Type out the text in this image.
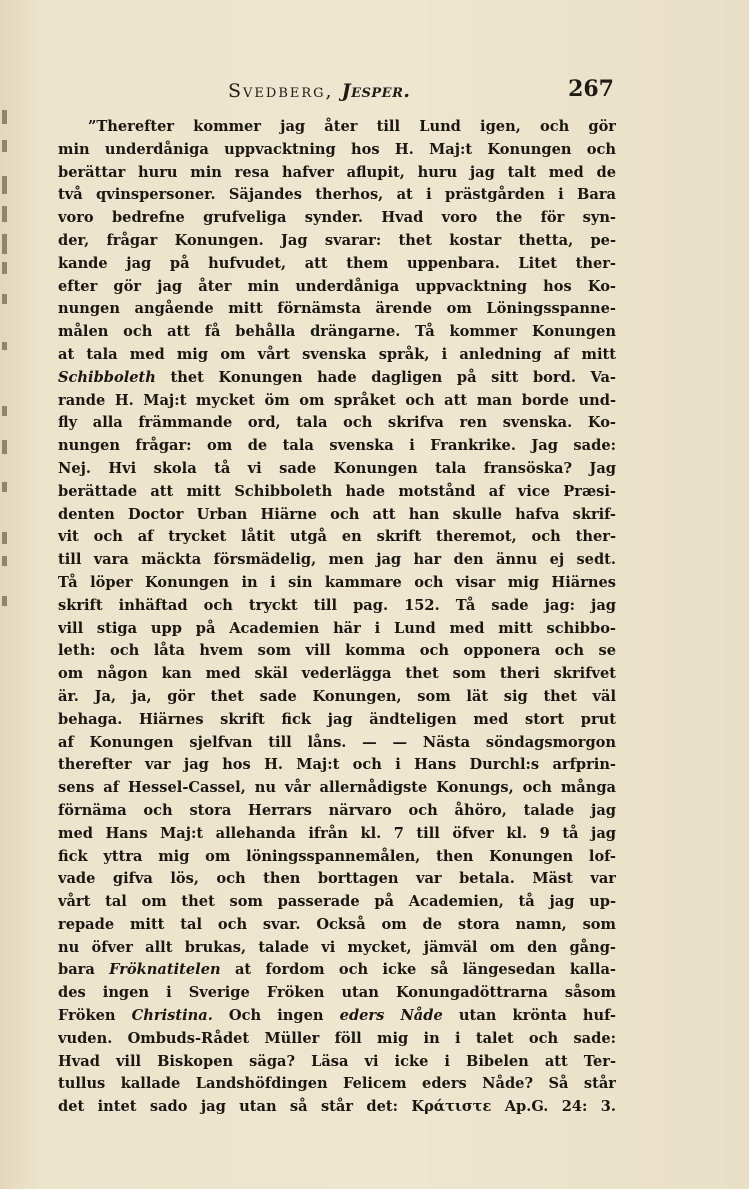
Svedberg, Jesper.	267
”Therefter kommer jag åter till Lund igen, och gör
min underdåniga uppvacktning hos H. Maj:t Konungen och
berättar huru min resa hafver aflupit, huru jag talt med de
två qvinspersoner. Säjandes therhos, at i prästgården i Bara
voro bedrefne grufveliga synder. Hvad voro the för syn-
der, frågar Konungen. Jag svarar: thet kostar thetta, pe-
kande jag på hufvudet, att them uppenbara. Litet ther-
efter gör jag åter min underdåniga uppvacktning hos Ko-
nungen angående mitt förnämsta ärende om Löningsspanne-
målen och att få behålla drängarne. Tå kommer Konungen
at tala med mig om vårt svenska språk, i anledning af mitt
Schibboleth thet Konungen hade dagligen på sitt bord. Va-
rande H. Maj:t mycket öm om språket och att man borde und-
fly alla främmande ord, tala och skrifva ren svenska. Ko-
nungen frågar: om de tala svenska i Frankrike. Jag sade:
Nej. Hvi skola tå vi sade Konungen tala fransöska? Jag
berättade att mitt Schibboleth hade motstånd af vice Præsi-
denten Doctor Urban Hiärne och att han skulle hafva skrif-
vit och af trycket låtit utgå en skrift theremot, och ther-
till vara mäckta försmädelig, men jag har den ännu ej sedt.
Tå löper Konungen in i sin kammare och visar mig Hiärnes
skrift inhäftad och tryckt till pag. 152. Tå sade jag: jag
vill stiga upp på Academien här i Lund med mitt schibbo-
leth: och låta hvem som vill komma och opponera och se
om någon kan med skäl vederlägga thet som theri skrifvet
är. Ja, ja, gör thet sade Konungen, som lät sig thet väl
behaga. Hiärnes skrift fick jag ändteligen med stort prut
af Konungen sjelfvan till låns. — — Nästa söndagsmorgon
therefter var jag hos H. Maj:t och i Hans Durchl:s arfprin-
sens af Hessel-Cassel, nu vår allernådigste Konungs, och många
förnäma och stora Herrars närvaro och åhöro, talade jag
med Hans Maj:t allehanda ifrån kl. 7 till öfver kl. 9 tå jag
fick yttra mig om löningsspannemålen, then Konungen lof-
vade gifva lös, och then borttagen var betala. Mäst var
vårt tal om thet som passerade på Academien, tå jag up-
repade mitt tal och svar. Också om de stora namn, som
nu öfver allt brukas, talade vi mycket, jämväl om den gång-
bara Fröknatitelen at fordom och icke så längesedan kalla-
des ingen i Sverige Fröken utan Konungadöttrarna såsom
Fröken Christina. Och ingen eders Nåde utan krönta huf-
vuden. Ombuds-Rådet Müller föll mig in i talet och sade:
Hvad vill Biskopen säga? Läsa vi icke i Bibelen att Ter-
tullus kallade Landshöfdingen Felicem eders Nåde? Så står
det intet sado jag utan så står det: Κράτιστε Ap.G. 24: 3.
